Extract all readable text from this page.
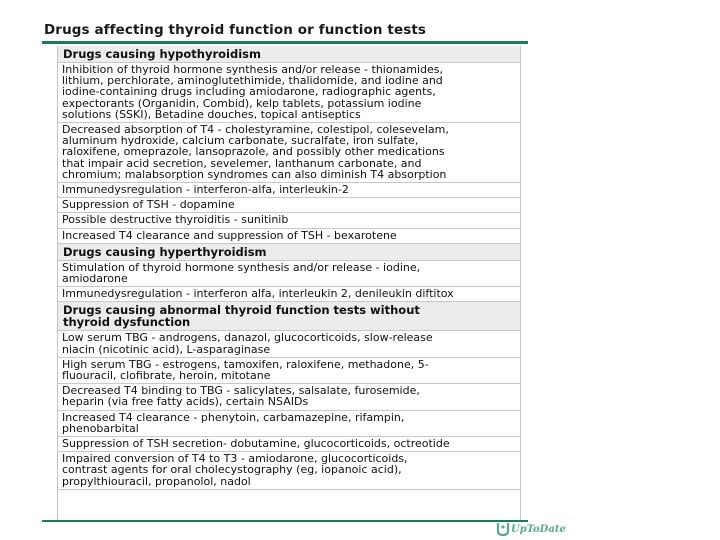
Drugs affecting thyroid function or function tests
Drugs causing hypothyroidism
Inhibition of thyroid hormone synthesis and/or release - thionamides,
lithium, perchlorate, aminoglutethimide, thalidomide, and iodine and
iodine-containing drugs including amiodarone, radiographic agents,
expectorants (Organidin, Combid), kelp tablets, potassium iodine
solutions (SSKI), Betadine douches, topical antiseptics
Decreased absorption of T4 - cholestyramine, colestipol, colesevelam,
aluminum hydroxide, calcium carbonate, sucralfate, iron sulfate,
raloxifene, omeprazole, lansoprazole, and possibly other medications
that impair acid secretion, sevelemer, lanthanum carbonate, and
chromium; malabsorption syndromes can also diminish T4 absorption
Immunedysregulation - interferon-alfa, interleukin-2
Suppression of TSH - dopamine
Possible destructive thyroiditis - sunitinib
Increased T4 clearance and suppression of TSH - bexarotene
Drugs causing hyperthyroidism
Stimulation of thyroid hormone synthesis and/or release - iodine,
amiodarone
Immunedysregulation - interferon alfa, interleukin 2, denileukin diftitox
Drugs causing abnormal thyroid function tests without
thyroid dysfunction
Low serum TBG - androgens, danazol, glucocorticoids, slow-release
niacin (nicotinic acid), L-asparaginase
High serum TBG - estrogens, tamoxifen, raloxifene, methadone, 5-
fluouracil, clofibrate, heroin, mitotane
Decreased T4 binding to TBG - salicylates, salsalate, furosemide,
heparin (via free fatty acids), certain NSAIDs
Increased T4 clearance - phenytoin, carbamazepine, rifampin,
phenobarbital
Suppression of TSH secretion- dobutamine, glucocorticoids, octreotide
Impaired conversion of T4 to T3 - amiodarone, glucocorticoids,
contrast agents for oral cholecystography (eg, iopanoic acid),
propylthiouracil, propanolol, nadol
UpToDate
